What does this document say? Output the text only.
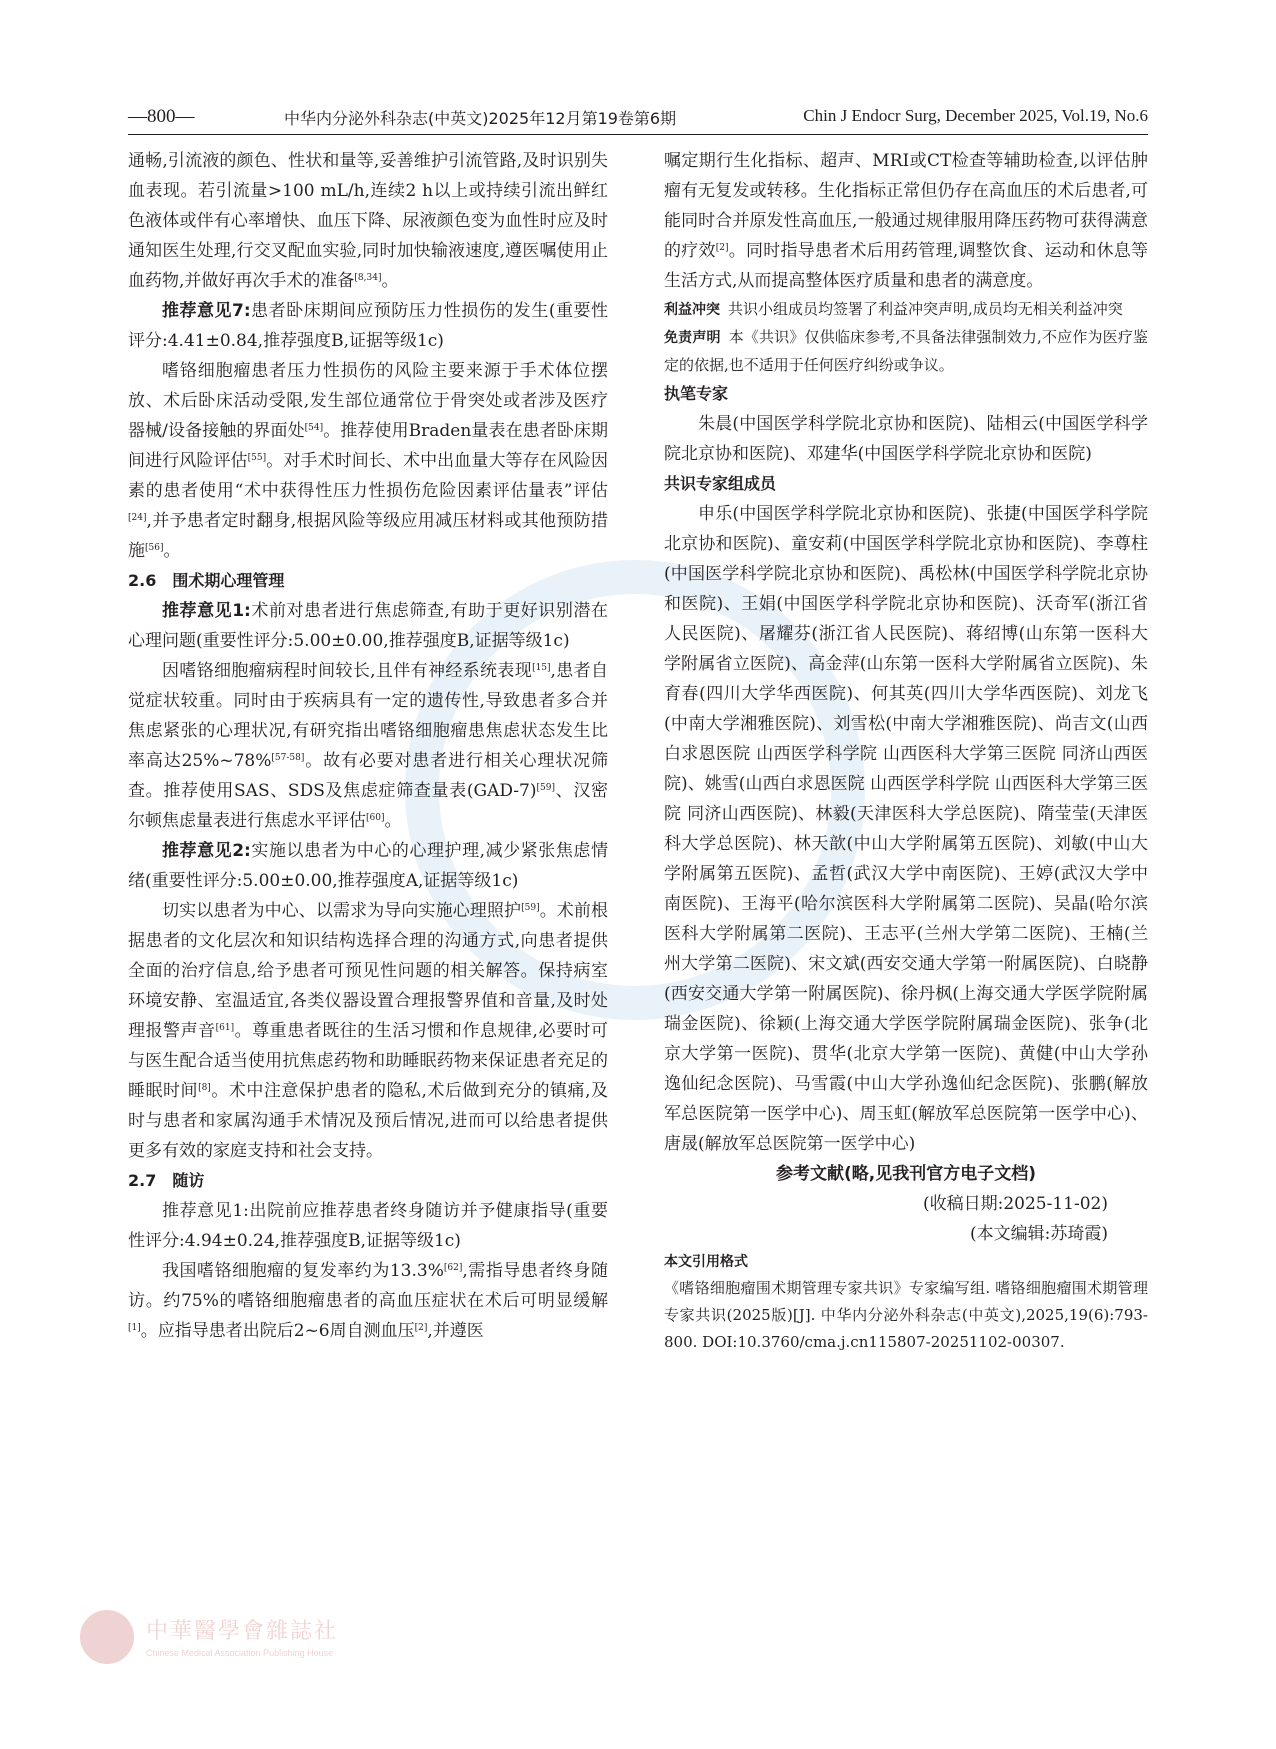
—800—	中华内分泌外科杂志(中英文)2025年12月第19卷第6期	Chin J Endocr Surg, December 2025, Vol.19, No.6

通畅,引流液的颜色、性状和量等,妥善维护引流管路,及时识别失血表现。若引流量>100 mL/h,连续2 h以上或持续引流出鲜红色液体或伴有心率增快、血压下降、尿液颜色变为血性时应及时通知医生处理,行交叉配血实验,同时加快输液速度,遵医嘱使用止血药物,并做好再次手术的准备[8,34]。

推荐意见7:患者卧床期间应预防压力性损伤的发生(重要性评分:4.41±0.84,推荐强度B,证据等级1c)

嗜铬细胞瘤患者压力性损伤的风险主要来源于手术体位摆放、术后卧床活动受限,发生部位通常位于骨突处或者涉及医疗器械/设备接触的界面处[54]。推荐使用Braden量表在患者卧床期间进行风险评估[55]。对手术时间长、术中出血量大等存在风险因素的患者使用“术中获得性压力性损伤危险因素评估量表”评估[24],并予患者定时翻身,根据风险等级应用减压材料或其他预防措施[56]。

2.6　围术期心理管理

推荐意见1:术前对患者进行焦虑筛查,有助于更好识别潜在心理问题(重要性评分:5.00±0.00,推荐强度B,证据等级1c)

因嗜铬细胞瘤病程时间较长,且伴有神经系统表现[15],患者自觉症状较重。同时由于疾病具有一定的遗传性,导致患者多合并焦虑紧张的心理状况,有研究指出嗜铬细胞瘤患焦虑状态发生比率高达25%~78%[57-58]。故有必要对患者进行相关心理状况筛查。推荐使用SAS、SDS及焦虑症筛查量表(GAD-7)[59]、汉密尔顿焦虑量表进行焦虑水平评估[60]。

推荐意见2:实施以患者为中心的心理护理,减少紧张焦虑情绪(重要性评分:5.00±0.00,推荐强度A,证据等级1c)

切实以患者为中心、以需求为导向实施心理照护[59]。术前根据患者的文化层次和知识结构选择合理的沟通方式,向患者提供全面的治疗信息,给予患者可预见性问题的相关解答。保持病室环境安静、室温适宜,各类仪器设置合理报警界值和音量,及时处理报警声音[61]。尊重患者既往的生活习惯和作息规律,必要时可与医生配合适当使用抗焦虑药物和助睡眠药物来保证患者充足的睡眠时间[8]。术中注意保护患者的隐私,术后做到充分的镇痛,及时与患者和家属沟通手术情况及预后情况,进而可以给患者提供更多有效的家庭支持和社会支持。

2.7　随访

推荐意见1:出院前应推荐患者终身随访并予健康指导(重要性评分:4.94±0.24,推荐强度B,证据等级1c)

我国嗜铬细胞瘤的复发率约为13.3%[62],需指导患者终身随访。约75%的嗜铬细胞瘤患者的高血压症状在术后可明显缓解[1]。应指导患者出院后2~6周自测血压[2],并遵医

嘱定期行生化指标、超声、MRI或CT检查等辅助检查,以评估肿瘤有无复发或转移。生化指标正常但仍存在高血压的术后患者,可能同时合并原发性高血压,一般通过规律服用降压药物可获得满意的疗效[2]。同时指导患者术后用药管理,调整饮食、运动和休息等生活方式,从而提高整体医疗质量和患者的满意度。

利益冲突 共识小组成员均签署了利益冲突声明,成员均无相关利益冲突

免责声明 本《共识》仅供临床参考,不具备法律强制效力,不应作为医疗鉴定的依据,也不适用于任何医疗纠纷或争议。

执笔专家

朱晨(中国医学科学院北京协和医院)、陆相云(中国医学科学院北京协和医院)、邓建华(中国医学科学院北京协和医院)

共识专家组成员

申乐(中国医学科学院北京协和医院)、张捷(中国医学科学院北京协和医院)、童安莉(中国医学科学院北京协和医院)、李尊柱(中国医学科学院北京协和医院)、禹松林(中国医学科学院北京协和医院)、王娟(中国医学科学院北京协和医院)、沃奇军(浙江省人民医院)、屠耀芬(浙江省人民医院)、蒋绍博(山东第一医科大学附属省立医院)、高金萍(山东第一医科大学附属省立医院)、朱育春(四川大学华西医院)、何其英(四川大学华西医院)、刘龙飞(中南大学湘雅医院)、刘雪松(中南大学湘雅医院)、尚吉文(山西白求恩医院 山西医学科学院 山西医科大学第三医院 同济山西医院)、姚雪(山西白求恩医院 山西医学科学院 山西医科大学第三医院 同济山西医院)、林毅(天津医科大学总医院)、隋莹莹(天津医科大学总医院)、林天歆(中山大学附属第五医院)、刘敏(中山大学附属第五医院)、孟哲(武汉大学中南医院)、王婷(武汉大学中南医院)、王海平(哈尔滨医科大学附属第二医院)、吴晶(哈尔滨医科大学附属第二医院)、王志平(兰州大学第二医院)、王楠(兰州大学第二医院)、宋文斌(西安交通大学第一附属医院)、白晓静(西安交通大学第一附属医院)、徐丹枫(上海交通大学医学院附属瑞金医院)、徐颖(上海交通大学医学院附属瑞金医院)、张争(北京大学第一医院)、贯华(北京大学第一医院)、黄健(中山大学孙逸仙纪念医院)、马雪霞(中山大学孙逸仙纪念医院)、张鹏(解放军总医院第一医学中心)、周玉虹(解放军总医院第一医学中心)、唐晟(解放军总医院第一医学中心)

参考文献(略,见我刊官方电子文档)

(收稿日期:2025-11-02)

(本文编辑:苏琦霞)

本文引用格式

《嗜铬细胞瘤围术期管理专家共识》专家编写组. 嗜铬细胞瘤围术期管理专家共识(2025版)[J]. 中华内分泌外科杂志(中英文),2025,19(6):793-800. DOI:10.3760/cma.j.cn115807-20251102-00307.

中華醫學會雜誌社
Chinese Medical Association Publishing House
